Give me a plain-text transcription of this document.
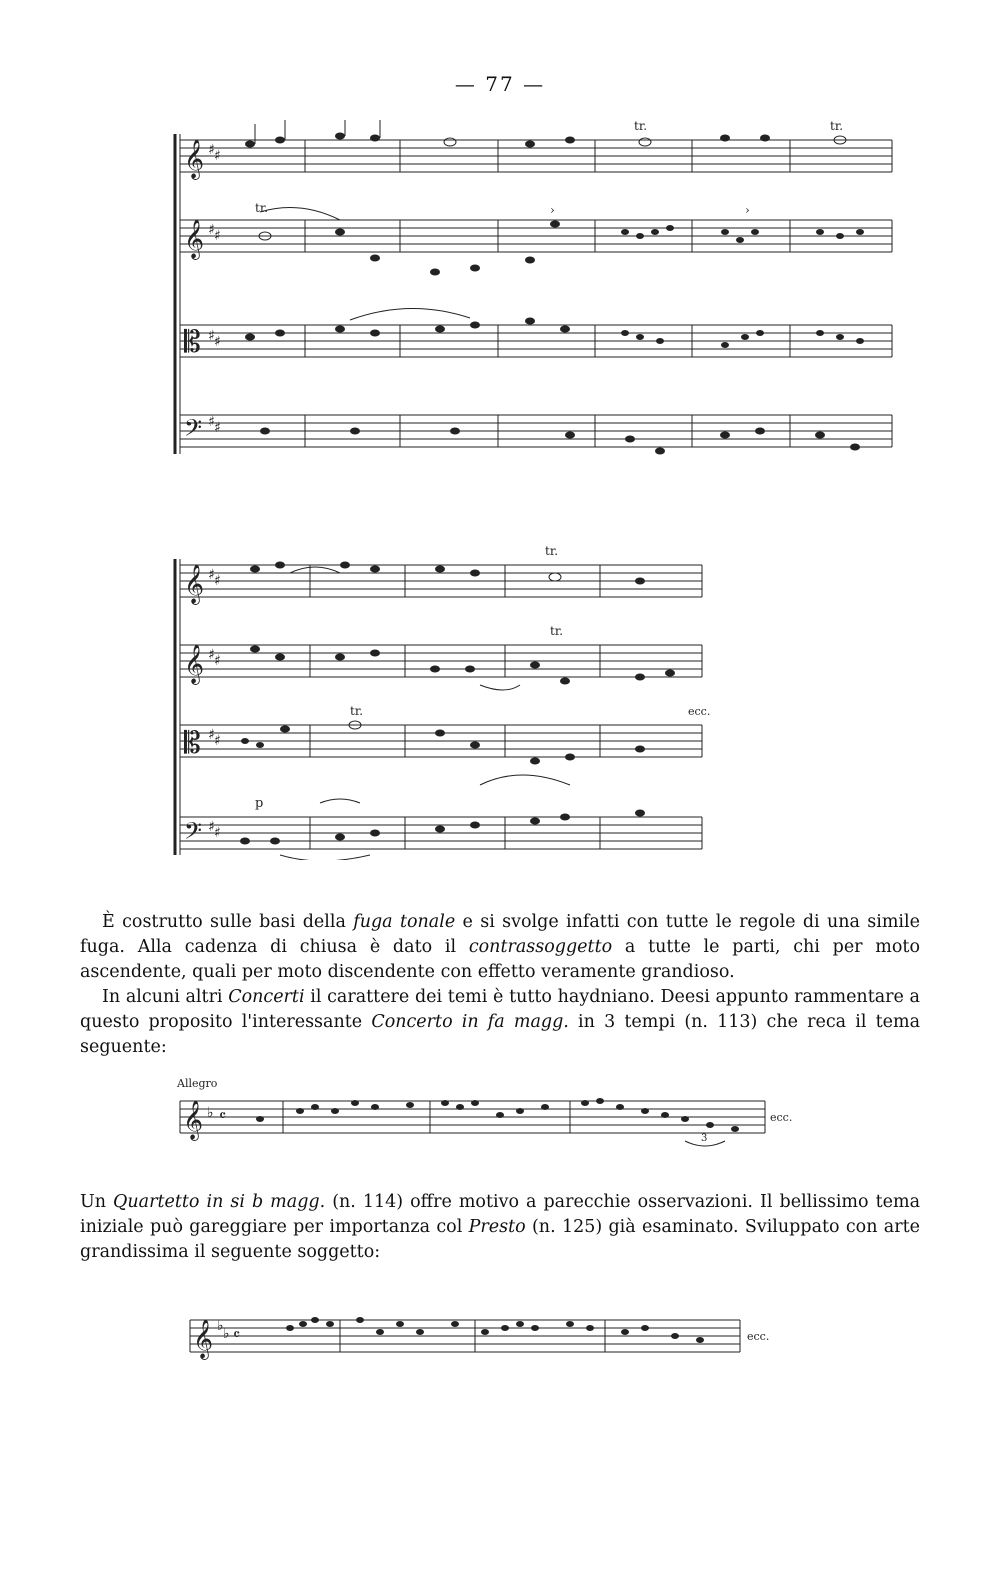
— 77 —
𝄞
𝄞
𝄡
𝄢
♯ ♯
♯ ♯
♯ ♯
♯ ♯
tr.	tr.
tr.	›	›
𝄞
𝄞
𝄡
𝄢
♯ ♯
♯ ♯
♯ ♯
♯ ♯
tr.
tr.
tr.	ecc.
p
È costrutto sulle basi della fuga tonale e si svolge infatti con tutte le regole di una simile fuga. Alla cadenza di chiusa è dato il contrassoggetto a tutte le parti, chi per moto ascendente, quali per moto discendente con effetto veramente grandioso.
In alcuni altri Concerti il carattere dei temi è tutto haydniano. Deesi appunto rammentare a questo proposito l'interessante Concerto in fa magg. in 3 tempi (n. 113) che reca il tema seguente:
Allegro
𝄞 ♭ 𝄴
3
ecc.
Un Quartetto in si b magg. (n. 114) offre motivo a parecchie osservazioni. Il bellissimo tema iniziale può gareggiare per importanza col Presto (n. 125) già esaminato. Sviluppato con arte grandissima il seguente soggetto:
𝄞 ♭ ♭ 𝄴	ecc.
